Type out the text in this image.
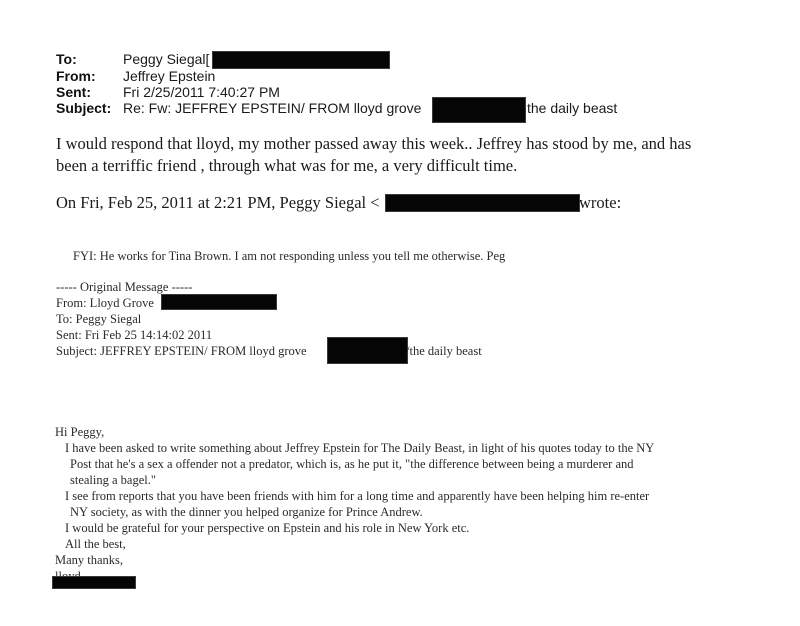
To:	Peggy Siegal[
From: Jeffrey Epstein
Sent: Fri 2/25/2011 7:40:27 PM
Subject: Re: Fw: JEFFREY EPSTEIN/ FROM lloyd grove	the daily beast
I would respond that lloyd, my mother passed away this week.. Jeffrey has stood by me, and has
been a terriffic friend , through what was for me, a very difficult time.
On Fri, Feb 25, 2011 at 2:21 PM, Peggy Siegal <	wrote:
FYI: He works for Tina Brown. I am not responding unless you tell me otherwise. Peg
----- Original Message -----
From: Lloyd Grove
To: Peggy Siegal
Sent: Fri Feb 25 14:14:02 2011
Subject: JEFFREY EPSTEIN/ FROM lloyd grove	/the daily beast
Hi Peggy,
I have been asked to write something about Jeffrey Epstein for The Daily Beast, in light of his quotes today to the NY
Post that he's a sex a offender not a predator, which is, as he put it, "the difference between being a murderer and
stealing a bagel."
I see from reports that you have been friends with him for a long time and apparently have been helping him re-enter
NY society, as with the dinner you helped organize for Prince Andrew.
I would be grateful for your perspective on Epstein and his role in New York etc.
All the best,
Many thanks,
